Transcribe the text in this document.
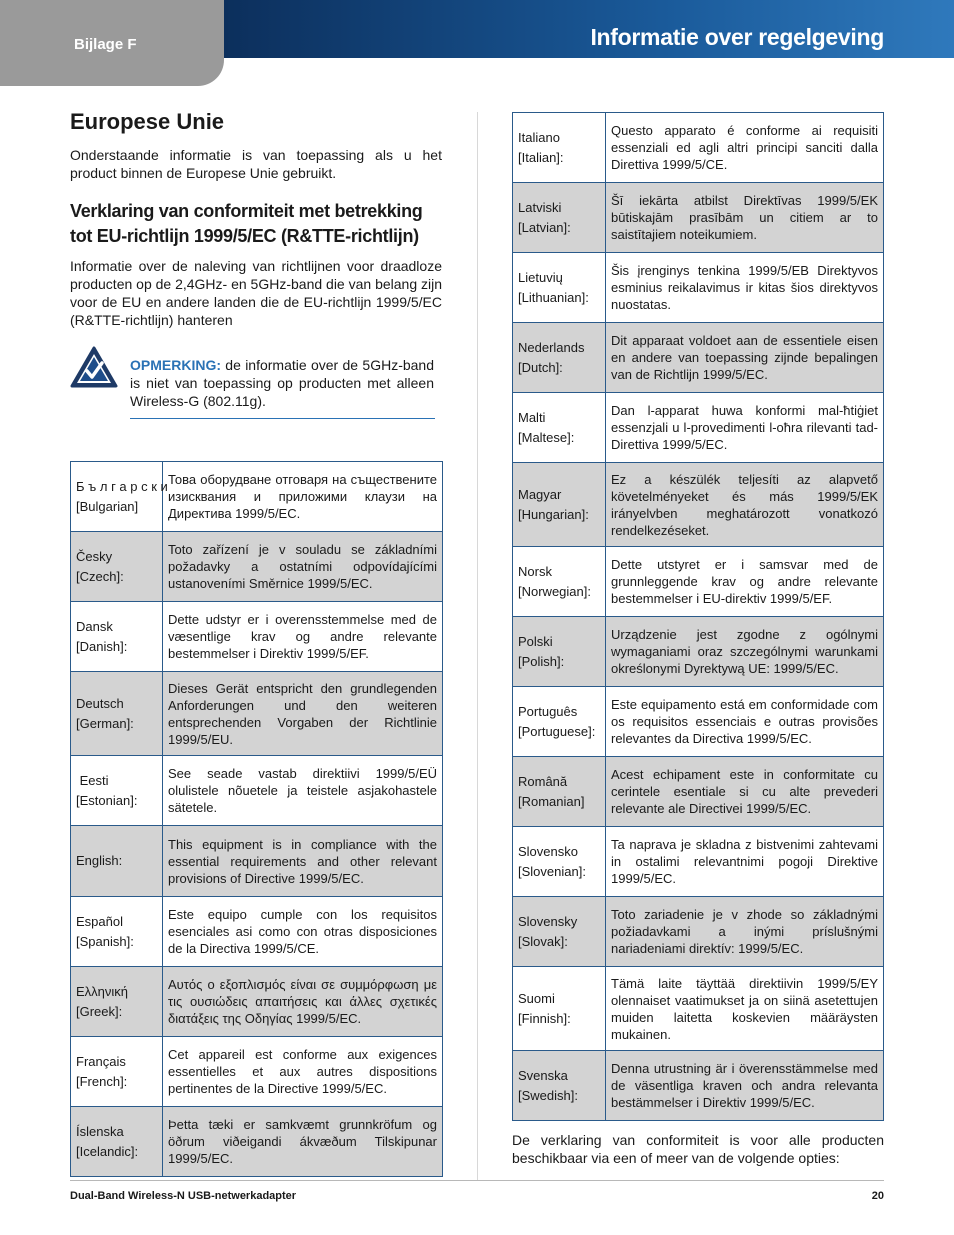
Bijlage F	Informatie over regelgeving
Europese Unie

Onderstaande informatie is van toepassing als u het product binnen de Europese Unie gebruikt.

Verklaring van conformiteit met betrekking tot EU-richtlijn 1999/5/EC (R&TTE-richtlijn)

Informatie over de naleving van richtlijnen voor draadloze producten op de 2,4GHz- en 5GHz-band die van belang zijn voor de EU en andere landen die de EU-richtlijn 1999/5/EC (R&TTE-richtlijn) hanteren

OPMERKING: de informatie over de 5GHz-band is niet van toepassing op producten met alleen Wireless-G (802.11g).
Б ъ л г а р с к и
[Bulgarian]	Това оборудване отговаря на съществените изисквания и приложими клаузи на Директива 1999/5/ЕС.

Česky
[Czech]:	Toto zařízení je v souladu se základními požadavky a ostatními odpovídajícími ustanoveními Směrnice 1999/5/EC.

Dansk
[Danish]:	Dette udstyr er i overensstemmelse med de væsentlige krav og andre relevante bestemmelser i Direktiv 1999/5/EF.

Deutsch
[German]:	Dieses Gerät entspricht den grundlegenden Anforderungen und den weiteren entsprechenden Vorgaben der Richtlinie 1999/5/EU.

Eesti
[Estonian]:	See seade vastab direktiivi 1999/5/EÜ olulistele nõuetele ja teistele asjakohastele sätetele.

English:	This equipment is in compliance with the essential requirements and other relevant provisions of Directive 1999/5/EC.

Español
[Spanish]:	Este equipo cumple con los requisitos esenciales asi como con otras disposiciones de la Directiva 1999/5/CE.

Ελληνική
[Greek]:	Αυτός ο εξοπλισμός είναι σε συμμόρφωση με τις ουσιώδεις απαιτήσεις και άλλες σχετικές διατάξεις της Οδηγίας 1999/5/EC.

Français
[French]:	Cet appareil est conforme aux exigences essentielles et aux autres dispositions pertinentes de la Directive 1999/5/EC.

Íslenska
[Icelandic]:	Þetta tæki er samkvæmt grunnkröfum og öðrum viðeigandi ákvæðum Tilskipunar 1999/5/EC.
Italiano
[Italian]:	Questo apparato é conforme ai requisiti essenziali ed agli altri principi sanciti dalla Direttiva 1999/5/CE.

Latviski
[Latvian]:	Šī iekārta atbilst Direktīvas 1999/5/EK būtiskajām prasībām un citiem ar to saistītajiem noteikumiem.

Lietuvių
[Lithuanian]:	Šis įrenginys tenkina 1999/5/EB Direktyvos esminius reikalavimus ir kitas šios direktyvos nuostatas.

Nederlands
[Dutch]:	Dit apparaat voldoet aan de essentiele eisen en andere van toepassing zijnde bepalingen van de Richtlijn 1999/5/EC.

Malti
[Maltese]:	Dan l-apparat huwa konformi mal-ħtiġiet essenzjali u l-provedimenti l-oħra rilevanti tad-Direttiva 1999/5/EC.

Magyar
[Hungarian]:	Ez a készülék teljesíti az alapvető követelményeket és más 1999/5/EK irányelvben meghatározott vonatkozó rendelkezéseket.

Norsk
[Norwegian]:	Dette utstyret er i samsvar med de grunnleggende krav og andre relevante bestemmelser i EU-direktiv 1999/5/EF.

Polski
[Polish]:	Urządzenie jest zgodne z ogólnymi wymaganiami oraz szczególnymi warunkami określonymi Dyrektywą UE: 1999/5/EC.

Português
[Portuguese]:	Este equipamento está em conformidade com os requisitos essenciais e outras provisões relevantes da Directiva 1999/5/EC.

Română
[Romanian]	Acest echipament este in conformitate cu cerintele esentiale si cu alte prevederi relevante ale Directivei 1999/5/EC.

Slovensko
[Slovenian]:	Ta naprava je skladna z bistvenimi zahtevami in ostalimi relevantnimi pogoji Direktive 1999/5/EC.

Slovensky
[Slovak]:	Toto zariadenie je v zhode so základnými požiadavkami a inými príslušnými nariadeniami direktív: 1999/5/EC.

Suomi
[Finnish]:	Tämä laite täyttää direktiivin 1999/5/EY olennaiset vaatimukset ja on siinä asetettujen muiden laitetta koskevien määräysten mukainen.

Svenska
[Swedish]:	Denna utrustning är i överensstämmelse med de väsentliga kraven och andra relevanta bestämmelser i Direktiv 1999/5/EC.

De verklaring van conformiteit is voor alle producten beschikbaar via een of meer van de volgende opties:

Dual-Band Wireless-N USB-netwerkadapter	20
